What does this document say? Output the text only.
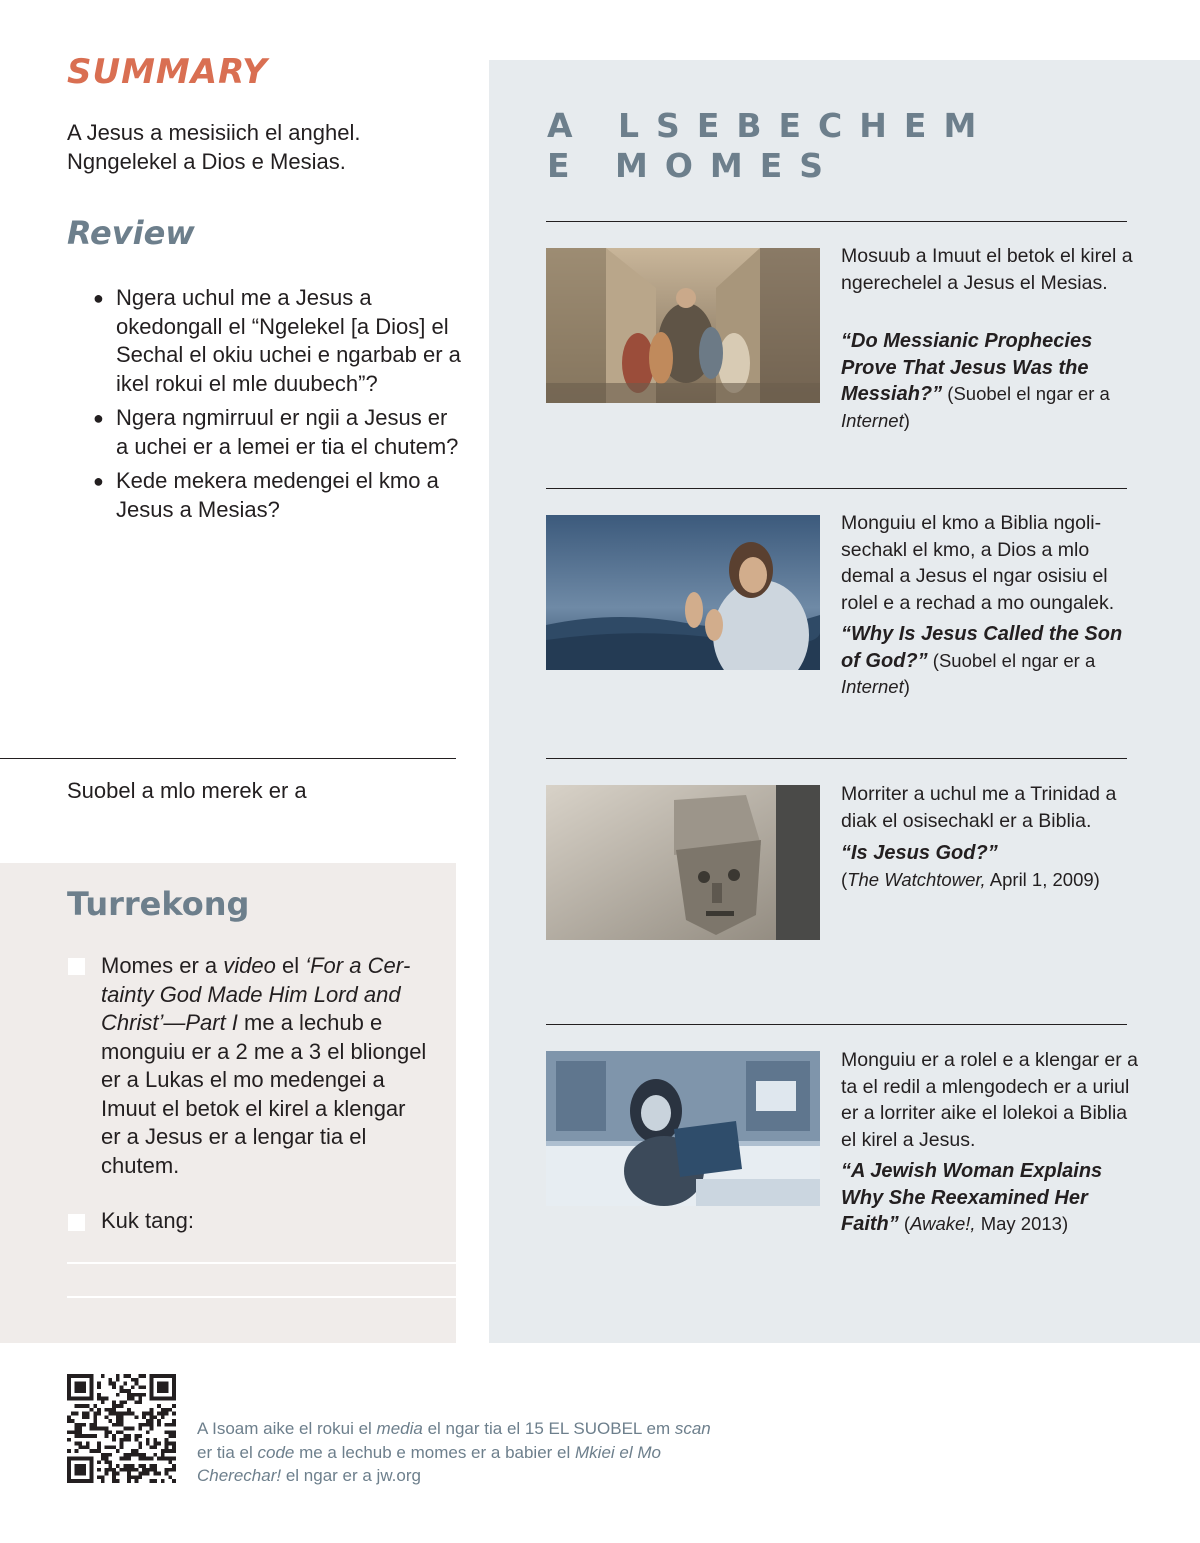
SUMMARY

A Jesus a mesisiich el anghel.
Ngngelekel a Dios e Mesias.

Review
● Ngera uchul me a Jesus a okedongall el “Ngelekel [a Dios] el Sechal el okiu uchei e ngarbab er a ikel rokui el mle duubech”?
● Ngera ngmirruul er ngii a Jesus er a uchei er a lemei er tia el chutem?
● Kede mekera medengei el kmo a Jesus a Mesias?

Suobel a mlo merek er a

Turrekong

Momes er a video el ‘For a Certainty God Made Him Lord and Christ’—Part I me a lechub e monguiu er a 2 me a 3 el bliongel er a Lukas el mo medengei a Imuut el betok el kirel a klengar er a Jesus er a lengar tia el chutem.

Kuk tang:

A LSEBECHEM
E MOMES

Mosuub a Imuut el betok el kirel a ngerechelel a Jesus el Mesias.

“Do Messianic Prophecies Prove That Jesus Was the Messiah?” (Suobel el ngar er a Internet)

Monguiu el kmo a Biblia ngolisechakl el kmo, a Dios a mlo demal a Jesus el ngar osisiu el rolel e a rechad a mo oungalek.

“Why Is Jesus Called the Son of God?” (Suobel el ngar er a Internet)

Morriter a uchul me a Trinidad a diak el osisechakl er a Biblia.

“Is Jesus God?”
(The Watchtower, April 1, 2009)

Monguiu er a rolel e a klengar er a ta el redil a mlengodech er a uriul er a lorriter aike el lolekoi a Biblia el kirel a Jesus.

“A Jewish Woman Explains Why She Reexamined Her Faith” (Awake!, May 2013)

A Isoam aike el rokui el media el ngar tia el 15 EL SUOBEL em scan er tia el code me a lechub e momes er a babier el Mkiei el Mo Cherechar! el ngar er a jw.org
